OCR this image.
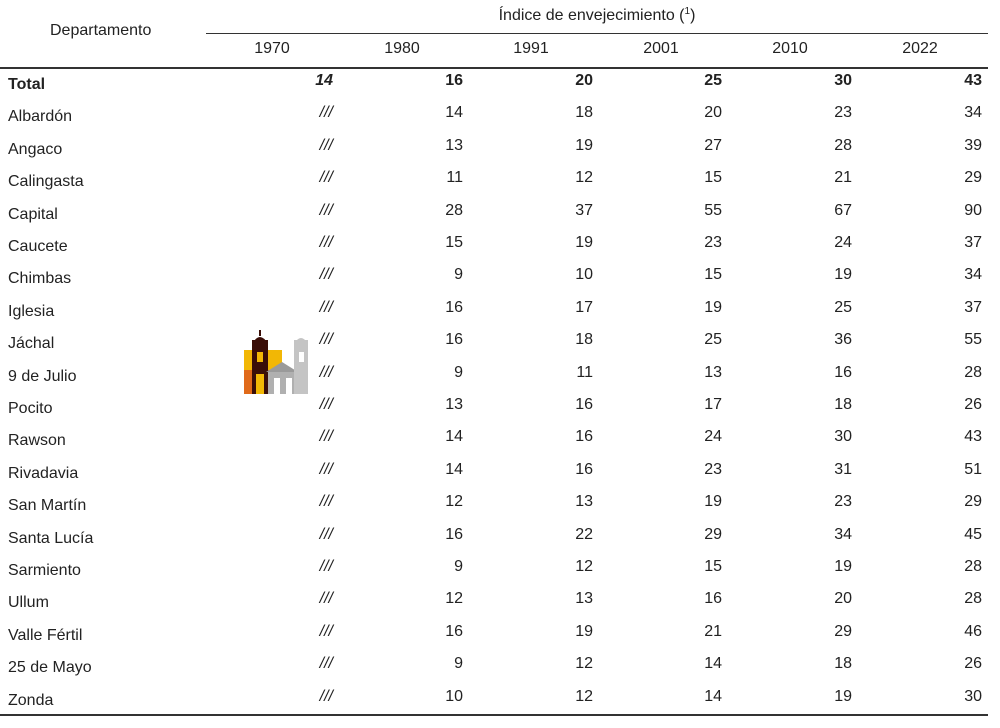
Departamento
Índice de envejecimiento ($^1$)
1970	1980	1991	2001	2010	2022
Total	14	16	20	25	30	43
Albardón	///	14	18	20	23	34
Angaco	///	13	19	27	28	39
Calingasta	///	11	12	15	21	29
Capital	///	28	37	55	67	90
Caucete	///	15	19	23	24	37
Chimbas	///	9	10	15	19	34
Iglesia	///	16	17	19	25	37
Jáchal	///	16	18	25	36	55
9 de Julio	///	9	11	13	16	28
Pocito	///	13	16	17	18	26
Rawson	///	14	16	24	30	43
Rivadavia	///	14	16	23	31	51
San Martín	///	12	13	19	23	29
Santa Lucía	///	16	22	29	34	45
Sarmiento	///	9	12	15	19	28
Ullum	///	12	13	16	20	28
Valle Fértil	///	16	19	21	29	46
25 de Mayo	///	9	12	14	18	26
Zonda	///	10	12	14	19	30
